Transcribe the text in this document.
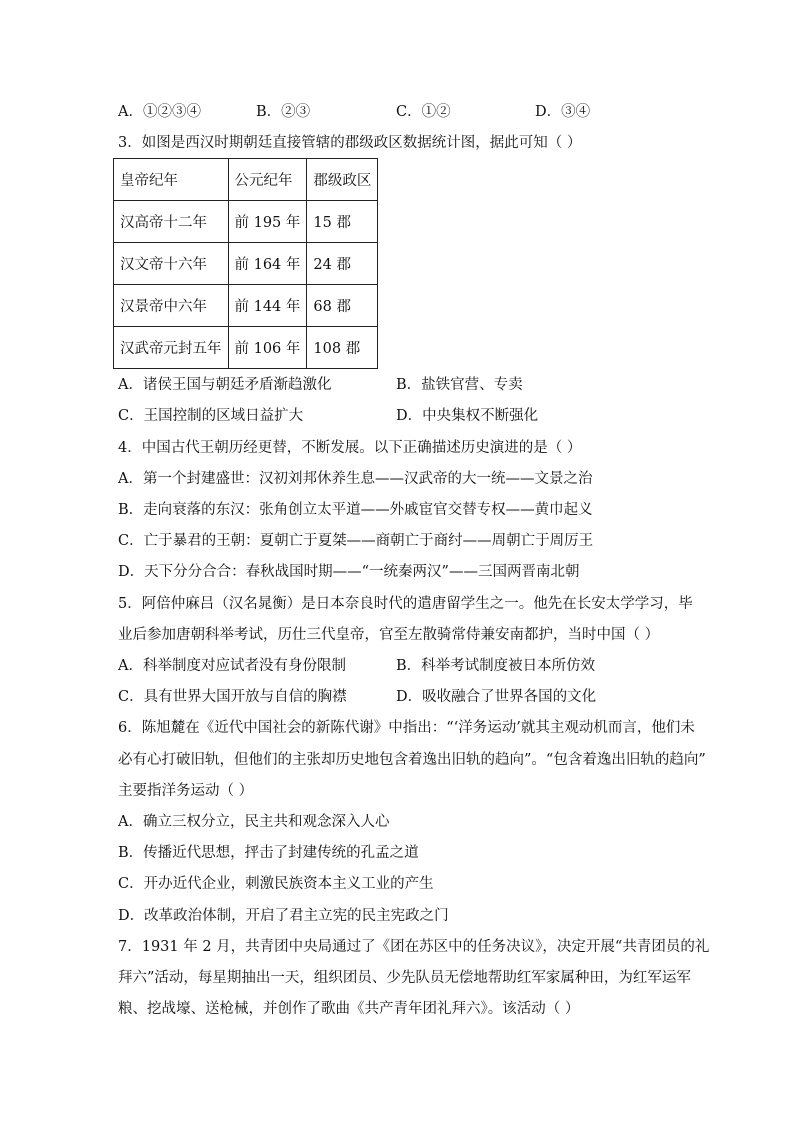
A．①②③④	B．②③	C．①②	D．③④
3．如图是西汉时期朝廷直接管辖的郡级政区数据统计图，据此可知（ ）
皇帝纪年	公元纪年	郡级政区
汉高帝十二年	前 195 年	15 郡
汉文帝十六年	前 164 年	24 郡
汉景帝中六年	前 144 年	68 郡
汉武帝元封五年	前 106 年	108 郡
A．诸侯王国与朝廷矛盾渐趋激化	B．盐铁官营、专卖
C．王国控制的区域日益扩大	D．中央集权不断强化
4．中国古代王朝历经更替，不断发展。以下正确描述历史演进的是（ ）
A．第一个封建盛世：汉初刘邦休养生息——汉武帝的大一统——文景之治
B．走向衰落的东汉：张角创立太平道——外戚宦官交替专权——黄巾起义
C．亡于暴君的王朝：夏朝亡于夏桀——商朝亡于商纣——周朝亡于周厉王
D．天下分分合合：春秋战国时期——“一统秦两汉”——三国两晋南北朝
5．阿倍仲麻吕（汉名晁衡）是日本奈良时代的遣唐留学生之一。他先在长安太学学习，毕
业后参加唐朝科举考试，历仕三代皇帝，官至左散骑常侍兼安南都护，当时中国（ ）
A．科举制度对应试者没有身份限制	B．科举考试制度被日本所仿效
C．具有世界大国开放与自信的胸襟	D．吸收融合了世界各国的文化
6．陈旭麓在《近代中国社会的新陈代谢》中指出：“‘洋务运动’就其主观动机而言，他们未
必有心打破旧轨，但他们的主张却历史地包含着逸出旧轨的趋向”。“包含着逸出旧轨的趋向”
主要指洋务运动（ ）
A．确立三权分立，民主共和观念深入人心
B．传播近代思想，抨击了封建传统的孔孟之道
C．开办近代企业，刺激民族资本主义工业的产生
D．改革政治体制，开启了君主立宪的民主宪政之门
7．1931 年 2 月，共青团中央局通过了《团在苏区中的任务决议》，决定开展“共青团员的礼
拜六”活动，每星期抽出一天，组织团员、少先队员无偿地帮助红军家属种田，为红军运军
粮、挖战壕、送枪械，并创作了歌曲《共产青年团礼拜六》。该活动（ ）
